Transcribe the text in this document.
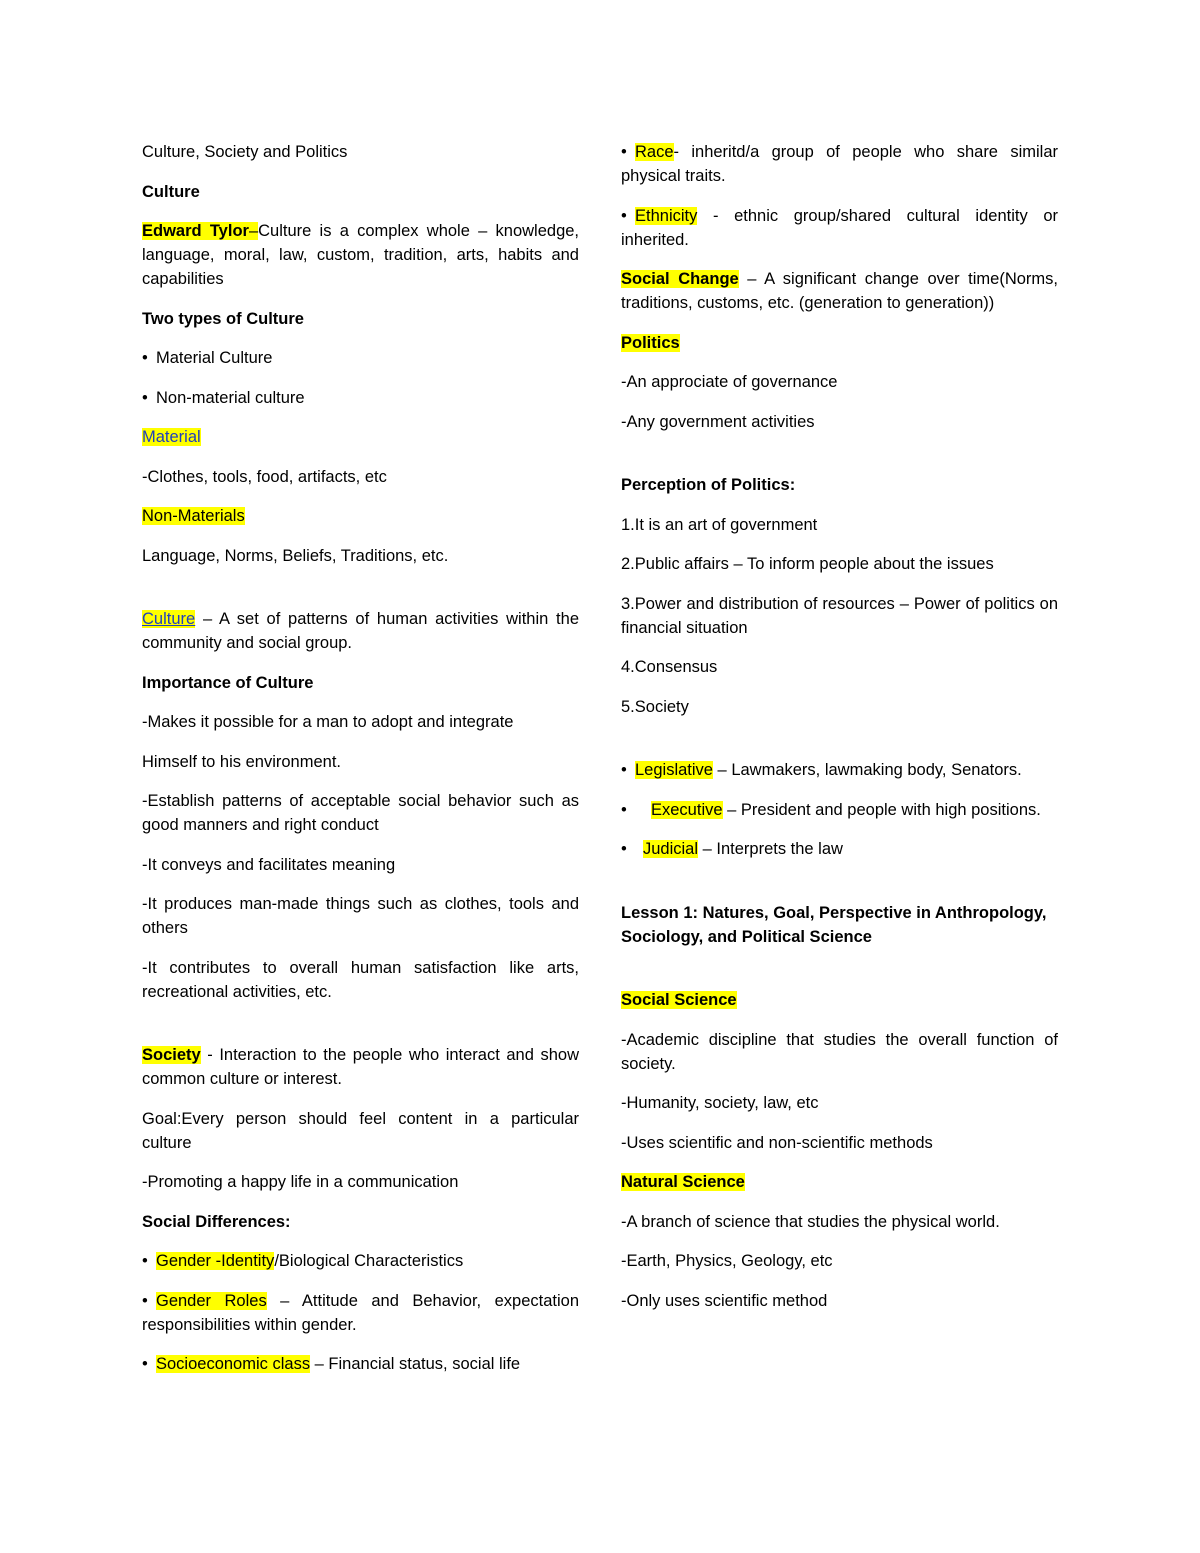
Culture, Society and Politics

Culture

Edward Tylor–Culture is a complex whole – knowledge, language, moral, law, custom, tradition, arts, habits and capabilities

Two types of Culture

• Material Culture

• Non-material culture

Material

-Clothes, tools, food, artifacts, etc

Non-Materials

Language, Norms, Beliefs, Traditions, etc.

Culture – A set of patterns of human activities within the community and social group.

Importance of Culture

-Makes it possible for a man to adopt and integrate

Himself to his environment.

-Establish patterns of acceptable social behavior such as good manners and right conduct

-It conveys and facilitates meaning

-It produces man-made things such as clothes, tools and others

-It contributes to overall human satisfaction like arts, recreational activities, etc.

Society - Interaction to the people who interact and show common culture or interest.

Goal:Every person should feel content in a particular culture

-Promoting a happy life in a communication

Social Differences:

• Gender -Identity/Biological Characteristics

• Gender Roles – Attitude and Behavior, expectation responsibilities within gender.

• Socioeconomic class – Financial status, social life

• Race- inheritd/a group of people who share similar physical traits.

• Ethnicity - ethnic group/shared cultural identity or inherited.

Social Change – A significant change over time(Norms, traditions, customs, etc. (generation to generation))

Politics

-An approciate of governance

-Any government activities

Perception of Politics:

1.It is an art of government

2.Public affairs – To inform people about the issues

3.Power and distribution of resources – Power of politics on financial situation

4.Consensus

5.Society

• Legislative – Lawmakers, lawmaking body, Senators.

• Executive – President and people with high positions.

• Judicial – Interprets the law

Lesson 1: Natures, Goal, Perspective in Anthropology, Sociology, and Political Science

Social Science

-Academic discipline that studies the overall function of society.

-Humanity, society, law, etc

-Uses scientific and non-scientific methods

Natural Science

-A branch of science that studies the physical world.

-Earth, Physics, Geology, etc

-Only uses scientific method
